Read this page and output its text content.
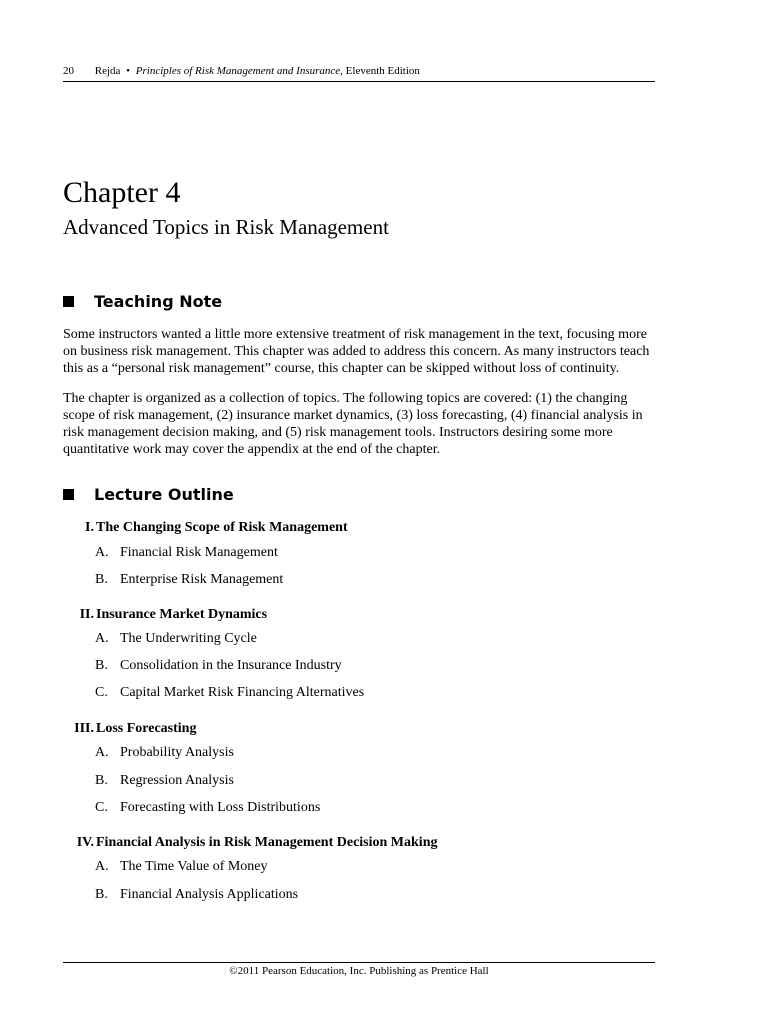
20 Rejda • Principles of Risk Management and Insurance, Eleventh Edition
Chapter 4
Advanced Topics in Risk Management
Teaching Note
Some instructors wanted a little more extensive treatment of risk management in the text, focusing more
on business risk management. This chapter was added to address this concern. As many instructors teach
this as a “personal risk management” course, this chapter can be skipped without loss of continuity.
The chapter is organized as a collection of topics. The following topics are covered: (1) the changing
scope of risk management, (2) insurance market dynamics, (3) loss forecasting, (4) financial analysis in
risk management decision making, and (5) risk management tools. Instructors desiring some more
quantitative work may cover the appendix at the end of the chapter.
Lecture Outline
I. The Changing Scope of Risk Management
A. Financial Risk Management
B. Enterprise Risk Management
II. Insurance Market Dynamics
A. The Underwriting Cycle
B. Consolidation in the Insurance Industry
C. Capital Market Risk Financing Alternatives
III. Loss Forecasting
A. Probability Analysis
B. Regression Analysis
C. Forecasting with Loss Distributions
IV. Financial Analysis in Risk Management Decision Making
A. The Time Value of Money
B. Financial Analysis Applications
©2011 Pearson Education, Inc. Publishing as Prentice Hall
